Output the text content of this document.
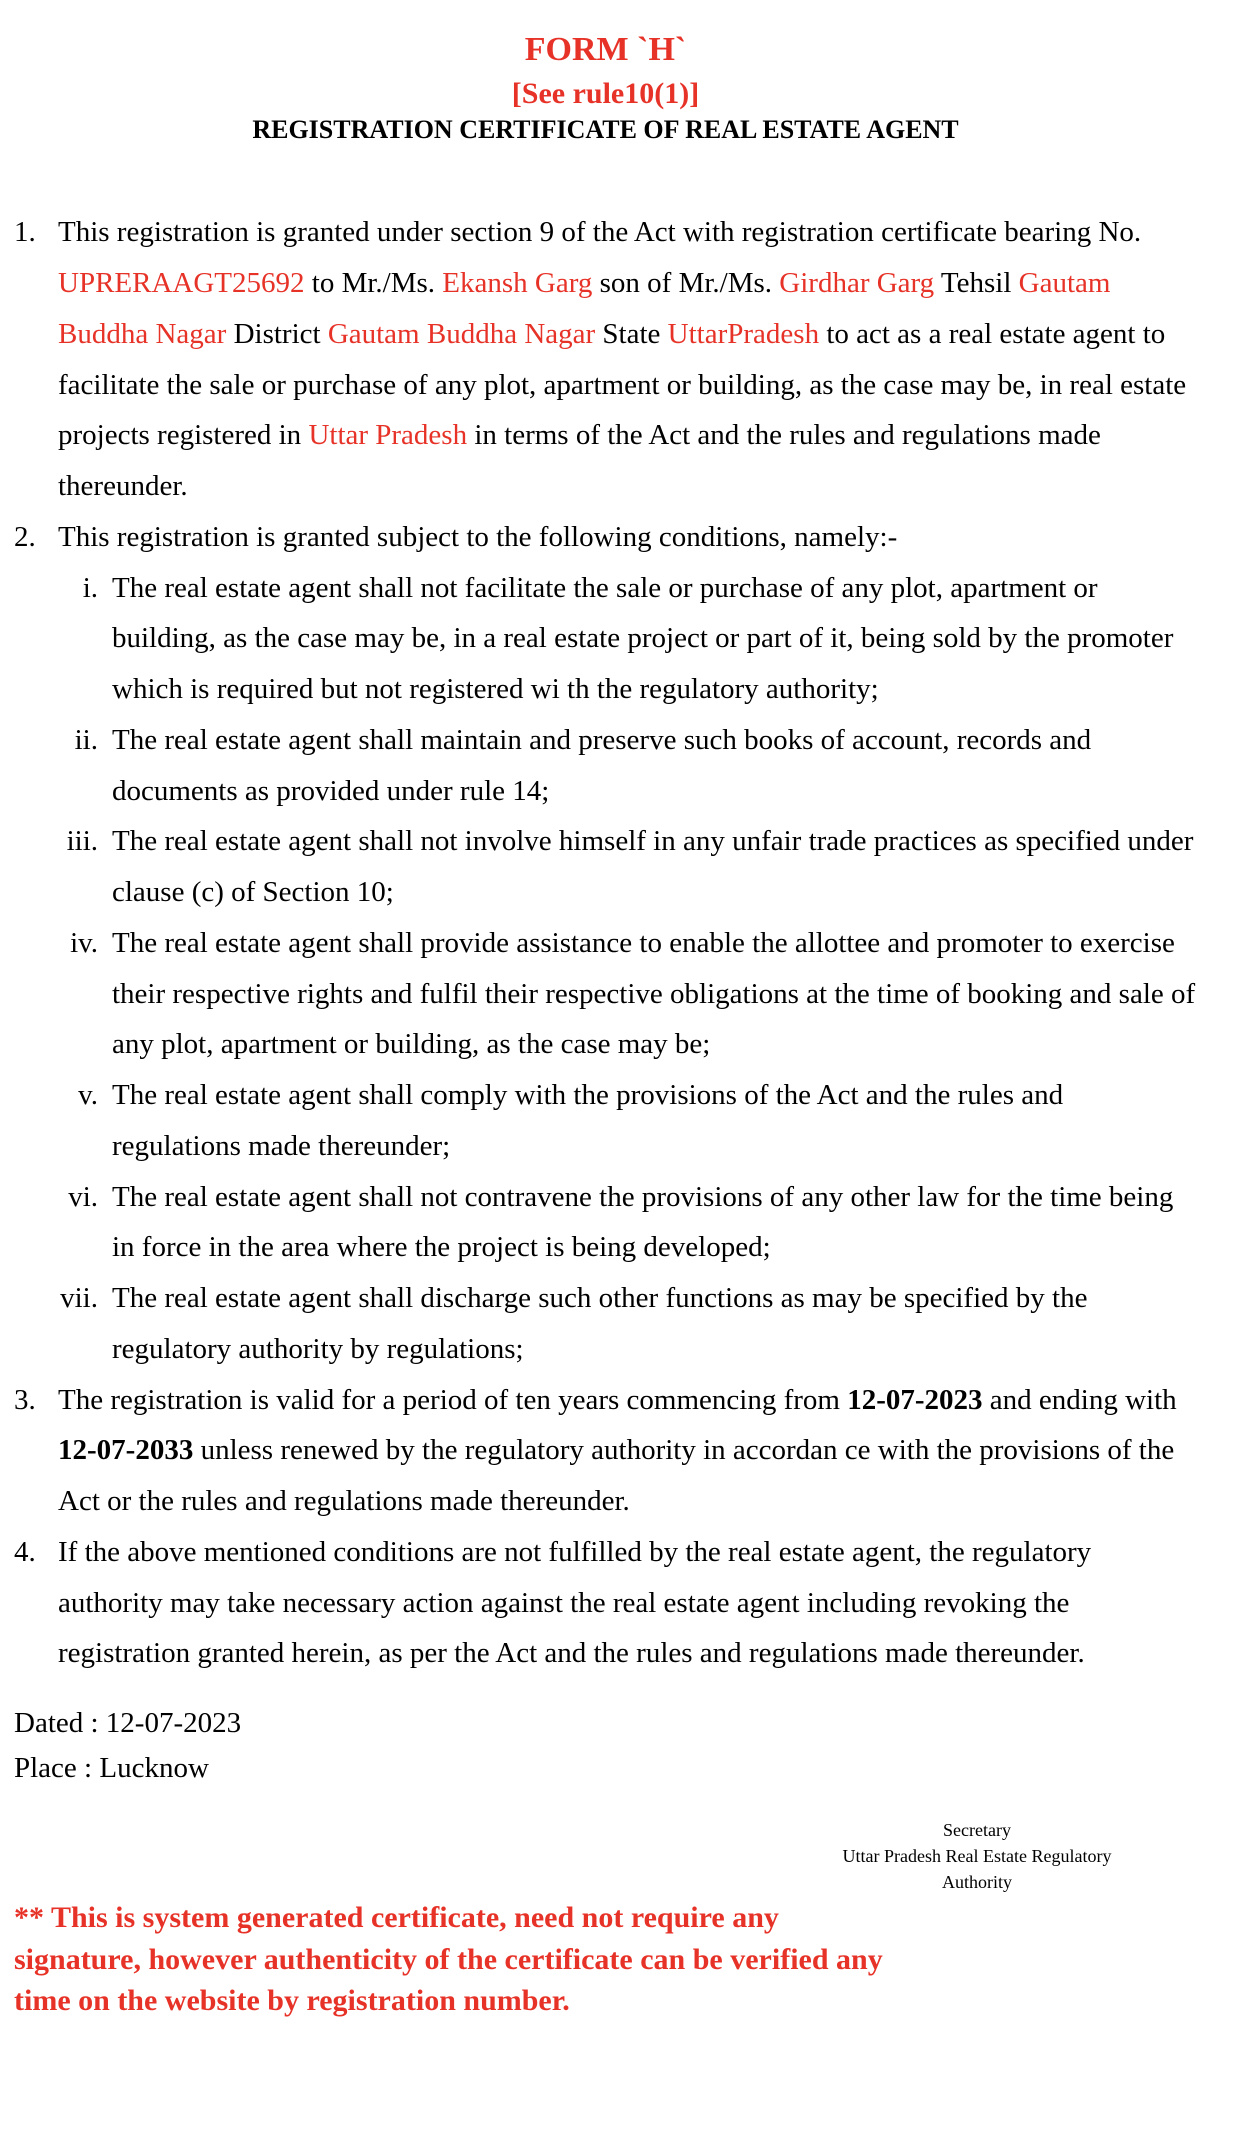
FORM `H`
[See rule10(1)]
REGISTRATION CERTIFICATE OF REAL ESTATE AGENT
1. This registration is granted under section 9 of the Act with registration certificate bearing No. UPRERAAGT25692 to Mr./Ms. Ekansh Garg son of Mr./Ms. Girdhar Garg Tehsil Gautam Buddha Nagar District Gautam Buddha Nagar State UttarPradesh to act as a real estate agent to facilitate the sale or purchase of any plot, apartment or building, as the case may be, in real estate projects registered in Uttar Pradesh in terms of the Act and the rules and regulations made thereunder.
2. This registration is granted subject to the following conditions, namely:-
i. The real estate agent shall not facilitate the sale or purchase of any plot, apartment or building, as the case may be, in a real estate project or part of it, being sold by the promoter which is required but not registered wi th the regulatory authority;
ii. The real estate agent shall maintain and preserve such books of account, records and documents as provided under rule 14;
iii. The real estate agent shall not involve himself in any unfair trade practices as specified under clause (c) of Section 10;
iv. The real estate agent shall provide assistance to enable the allottee and promoter to exercise their respective rights and fulfil their respective obligations at the time of booking and sale of any plot, apartment or building, as the case may be;
v. The real estate agent shall comply with the provisions of the Act and the rules and regulations made thereunder;
vi. The real estate agent shall not contravene the provisions of any other law for the time being in force in the area where the project is being developed;
vii. The real estate agent shall discharge such other functions as may be specified by the regulatory authority by regulations;
3. The registration is valid for a period of ten years commencing from 12-07-2023 and ending with 12-07-2033 unless renewed by the regulatory authority in accordan ce with the provisions of the Act or the rules and regulations made thereunder.
4. If the above mentioned conditions are not fulfilled by the real estate agent, the regulatory authority may take necessary action against the real estate agent including revoking the registration granted herein, as per the Act and the rules and regulations made thereunder.
Dated : 12-07-2023
Place : Lucknow
Secretary
Uttar Pradesh Real Estate Regulatory
Authority
** This is system generated certificate, need not require any signature, however authenticity of the certificate can be verified any time on the website by registration number.
